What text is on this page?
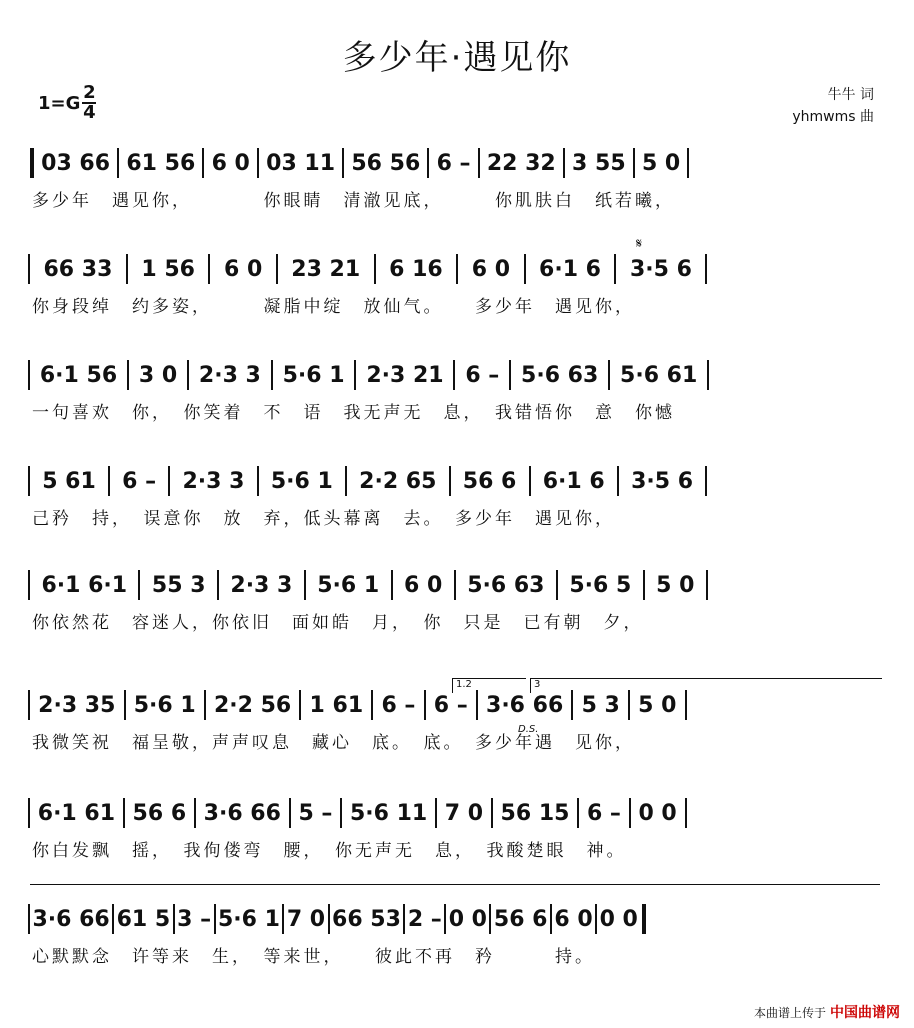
多少年·遇见你
1=G 2
4
牛牛 词
yhmwms 曲
03 66 61 56 6 0 03 11 56 56 6 – 22 32 3 55 5 0
多少年　遇见你，　　　　你眼睛　清澈见底，　　　你肌肤白　纸若曦，
66 33	1 56	6 0	23 21	6 16	6 0	6·1 6	3·5 6
你身段绰　约多姿，　　　凝脂中绽　放仙气。　　多少年　遇见你，
6·1 56 3 0 2·3 3 5·6 1 2·3 21 6 – 5·6 63 5·6 61
一句喜欢　你，　你笑着　不　语　我无声无　息，　我错悟你　意　你憾
5 61	6 –	2·3 3	5·6 1	2·2 65	56 6	6·1 6	3·5 6
己矜　持，　误意你　放　弃，低头幕离　去。　多少年　遇见你，
6·1 6·1	55 3	2·3 3	5·6 1	6 0	5·6 63	5·6 5	5 0
你依然花　容迷人，你依旧　面如皓　月，　你　只是　已有朝　夕，
2·3 35 5·6 1 2·2 56 1 61 6 – 6 – 3·6 66 5 3 5 0
我微笑祝　福呈敬，声声叹息　藏心　底。　底。　多少年遇　见你，
6·1 61 56 6 3·6 66 5 – 5·6 11 7 0 56 15 6 – 0 0
你白发飘　摇，　我佝偻弯　腰，　你无声无　息，　我酸楚眼　神。
3·6 66 61 5 3 – 5·6 1 7 0 66 53 2 – 0 0 56 6 6 0 0 0
心默默念　许等来　生，　等来世，　　彼此不再　矜　　　持。
𝄋
1.2	3
D.S.
本曲谱上传于 中国曲谱网
